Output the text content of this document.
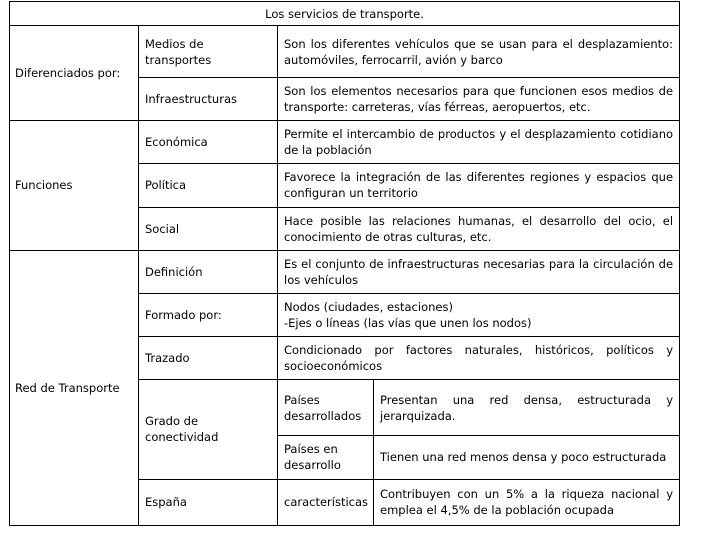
Los servicios de transporte.			
Diferenciados por:	Medios de transportes	Son los diferentes vehículos que se usan para el desplazamiento: automóviles, ferrocarril, avión y barco	
	Infraestructuras	Son los elementos necesarios para que funcionen esos medios de transporte: carreteras, vías férreas, aeropuertos, etc.	
Funciones	Económica	Permite el intercambio de productos y el desplazamiento cotidiano de la población	
	Política	Favorece la integración de las diferentes regiones y espacios que configuran un territorio	
	Social	Hace posible las relaciones humanas, el desarrollo del ocio, el conocimiento de otras culturas, etc.	
Red de Transporte	Definición	Es el conjunto de infraestructuras necesarias para la circulación de los vehículos	
	Formado por:	Nodos (ciudades, estaciones)
-Ejes o líneas (las vías que unen los nodos)	

	Trazado	Condicionado por factores naturales, históricos, políticos y socioeconómicos	
	Grado de conectividad	Países desarrollados	Presentan una red densa, estructurada y jerarquizada.
		Países en desarrollo	Tienen una red menos densa y poco estructurada
	España	características	Contribuyen con un 5% a la riqueza nacional y emplea el 4,5% de la población ocupada
